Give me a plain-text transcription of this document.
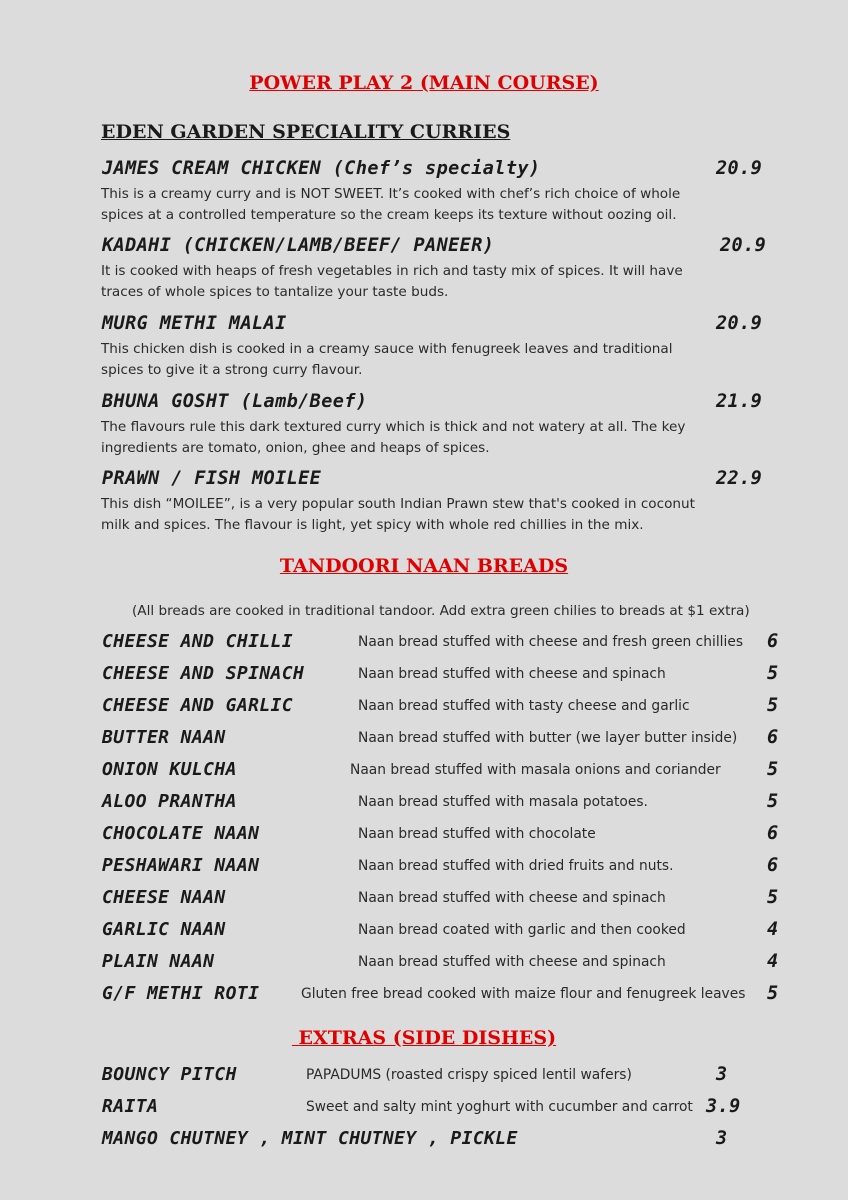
POWER PLAY 2 (MAIN COURSE)
EDEN GARDEN SPECIALITY CURRIES
JAMES CREAM CHICKEN (Chef’s specialty)	20.9
This is a creamy curry and is NOT SWEET. It’s cooked with chef’s rich choice of whole spices at a controlled temperature so the cream keeps its texture without oozing oil.
KADAHI (CHICKEN/LAMB/BEEF/ PANEER)	20.9
It is cooked with heaps of fresh vegetables in rich and tasty mix of spices. It will have traces of whole spices to tantalize your taste buds.
MURG METHI MALAI	20.9
This chicken dish is cooked in a creamy sauce with fenugreek leaves and traditional spices to give it a strong curry flavour.
BHUNA GOSHT (Lamb/Beef)	21.9
The flavours rule this dark textured curry which is thick and not watery at all. The key ingredients are tomato, onion, ghee and heaps of spices.
PRAWN / FISH MOILEE	22.9
This dish “MOILEE”, is a very popular south Indian Prawn stew that's cooked in coconut milk and spices. The flavour is light, yet spicy with whole red chillies in the mix.
TANDOORI NAAN BREADS
(All breads are cooked in traditional tandoor. Add extra green chilies to breads at $1 extra)
CHEESE AND CHILLI	Naan bread stuffed with cheese and fresh green chillies 6
CHEESE AND SPINACH	Naan bread stuffed with cheese and spinach	5
CHEESE AND GARLIC	Naan bread stuffed with tasty cheese and garlic	5
BUTTER NAAN	Naan bread stuffed with butter (we layer butter inside) 6
ONION KULCHA	Naan bread stuffed with masala onions and coriander	5
ALOO PRANTHA	Naan bread stuffed with masala potatoes.	5
CHOCOLATE NAAN	Naan bread stuffed with chocolate	6
PESHAWARI NAAN	Naan bread stuffed with dried fruits and nuts.	6
CHEESE NAAN	Naan bread stuffed with cheese and spinach	5
GARLIC NAAN	Naan bread coated with garlic and then cooked	4
PLAIN NAAN	Naan bread stuffed with cheese and spinach	4
G/F METHI ROTI	Gluten free bread cooked with maize flour and fenugreek leaves 5
EXTRAS (SIDE DISHES)
BOUNCY PITCH	PAPADUMS (roasted crispy spiced lentil wafers)	3
RAITA	Sweet and salty mint yoghurt with cucumber and carrot 3.9
MANGO CHUTNEY , MINT CHUTNEY , PICKLE	3
